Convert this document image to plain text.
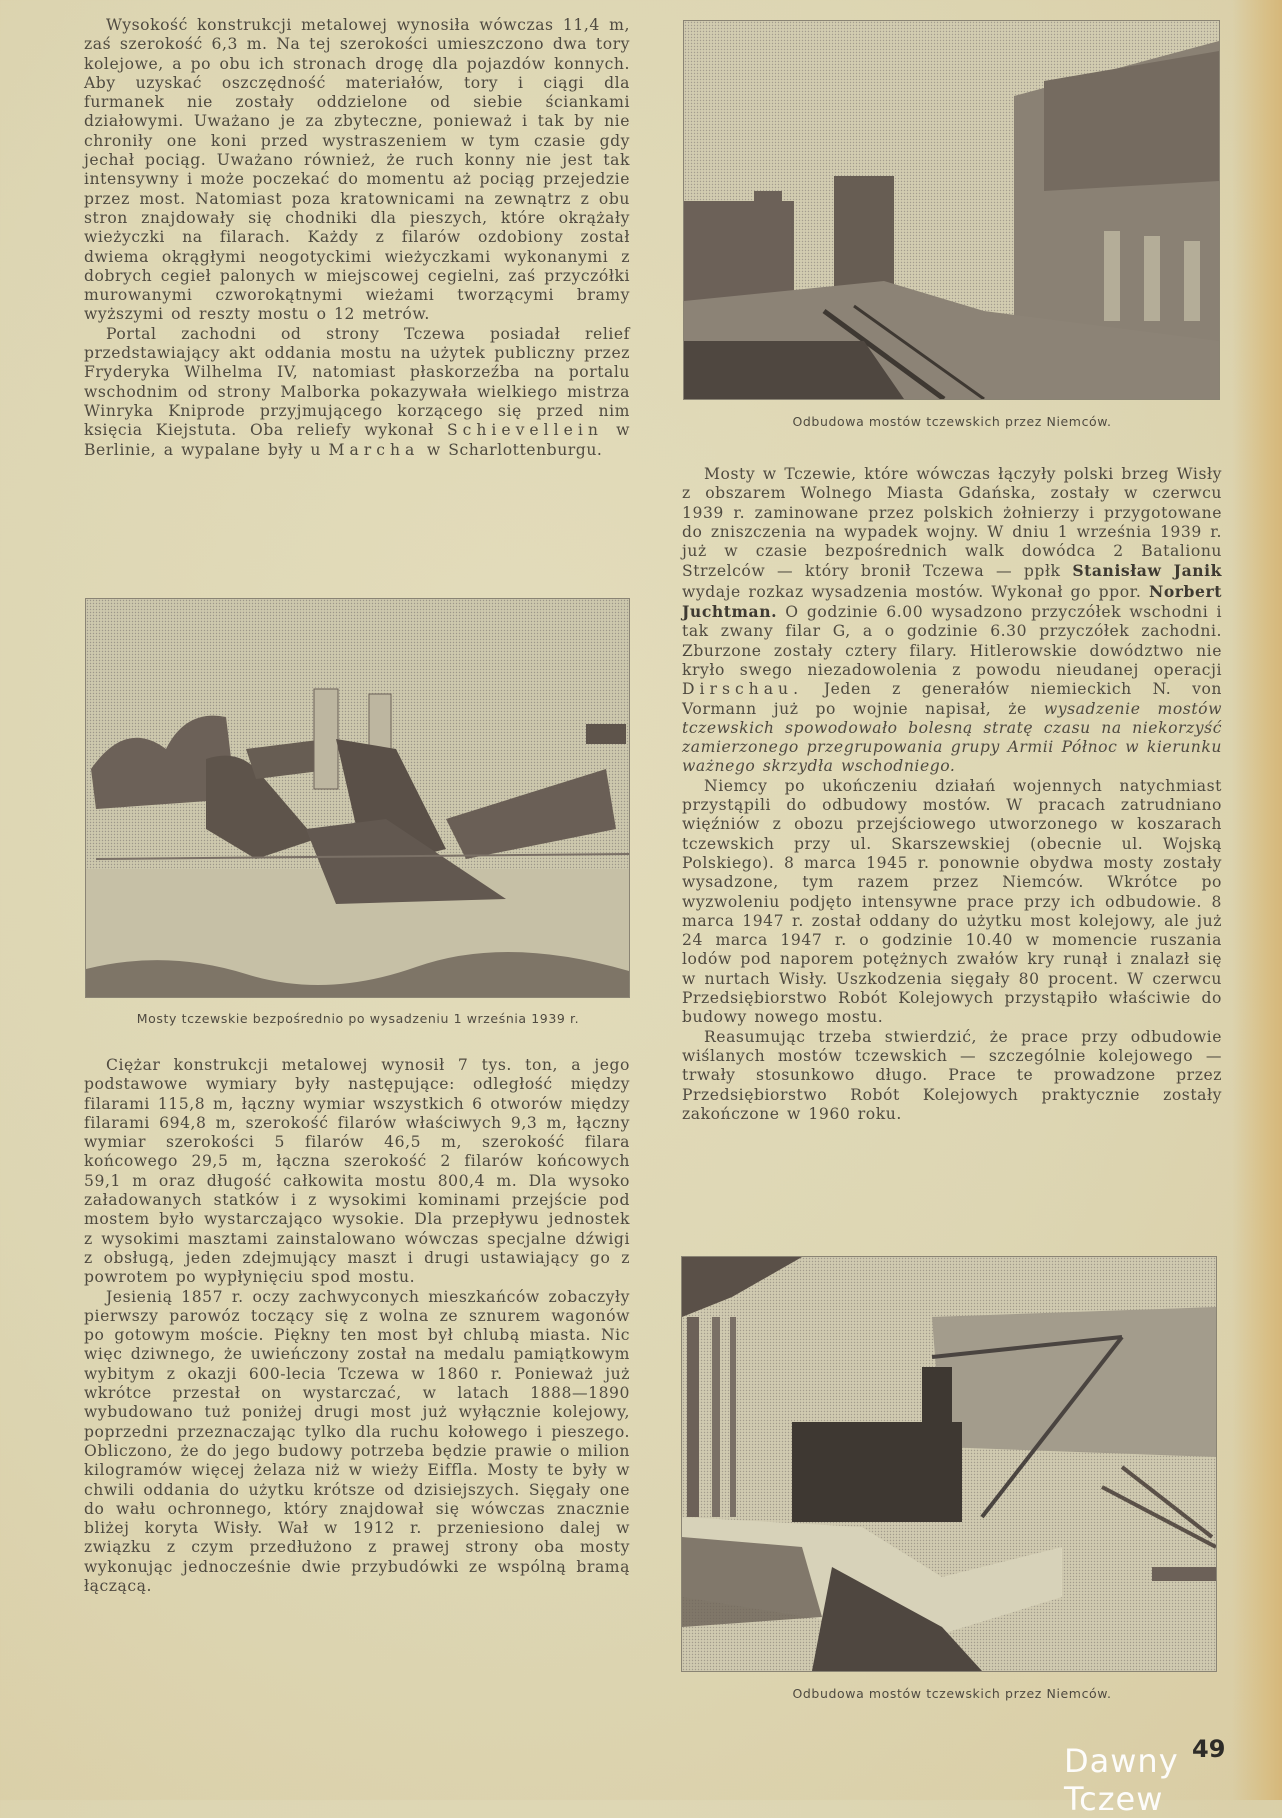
Wysokość konstrukcji metalowej wynosiła wówczas 11,4 m, zaś szerokość 6,3 m. Na tej szerokości umieszczono dwa tory kolejowe, a po obu ich stronach drogę dla pojazdów konnych. Aby uzyskać oszczędność materiałów, tory i ciągi dla furmanek nie zostały oddzielone od siebie ściankami działowymi. Uważano je za zbyteczne, ponieważ i tak by nie chroniły one koni przed wystraszeniem w tym czasie gdy jechał pociąg. Uważano również, że ruch konny nie jest tak intensywny i może poczekać do momentu aż pociąg przejedzie przez most. Natomiast poza kratownicami na zewnątrz z obu stron znajdowały się chodniki dla pieszych, które okrążały wieżyczki na filarach. Każdy z filarów ozdobiony został dwiema okrągłymi neogotyckimi wieżyczkami wykonanymi z dobrych cegieł palonych w miejscowej cegielni, zaś przyczółki murowanymi czworokątnymi wieżami tworzącymi bramy wyższymi od reszty mostu o 12 metrów.

Portal zachodni od strony Tczewa posiadał relief przedstawiający akt oddania mostu na użytek publiczny przez Fryderyka Wilhelma IV, natomiast płaskorzeźba na portalu wschodnim od strony Malborka pokazywała wielkiego mistrza Winryka Kniprode przyjmującego korzącego się przed nim księcia Kiejstuta. Oba reliefy wykonał Schievellein w Berlinie, a wypalane były u Marcha w Scharlottenburgu.

Mosty tczewskie bezpośrednio po wysadzeniu 1 września 1939 r.

Ciężar konstrukcji metalowej wynosił 7 tys. ton, a jego podstawowe wymiary były następujące: odległość między filarami 115,8 m, łączny wymiar wszystkich 6 otworów między filarami 694,8 m, szerokość filarów właściwych 9,3 m, łączny wymiar szerokości 5 filarów 46,5 m, szerokość filara końcowego 29,5 m, łączna szerokość 2 filarów końcowych 59,1 m oraz długość całkowita mostu 800,4 m. Dla wysoko załadowanych statków i z wysokimi kominami przejście pod mostem było wystarczająco wysokie. Dla przepływu jednostek z wysokimi masztami zainstalowano wówczas specjalne dźwigi z obsługą, jeden zdejmujący maszt i drugi ustawiający go z powrotem po wypłynięciu spod mostu.

Jesienią 1857 r. oczy zachwyconych mieszkańców zobaczyły pierwszy parowóz toczący się z wolna ze sznurem wagonów po gotowym moście. Piękny ten most był chlubą miasta. Nic więc dziwnego, że uwieńczony został na medalu pamiątkowym wybitym z okazji 600-lecia Tczewa w 1860 r. Ponieważ już wkrótce przestał on wystarczać, w latach 1888—1890 wybudowano tuż poniżej drugi most już wyłącznie kolejowy, poprzedni przeznaczając tylko dla ruchu kołowego i pieszego. Obliczono, że do jego budowy potrzeba będzie prawie o milion kilogramów więcej żelaza niż w wieży Eiffla. Mosty te były w chwili oddania do użytku krótsze od dzisiejszych. Sięgały one do wału ochronnego, który znajdował się wówczas znacznie bliżej koryta Wisły. Wał w 1912 r. przeniesiono dalej w związku z czym przedłużono z prawej strony oba mosty wykonując jednocześnie dwie przybudówki ze wspólną bramą łączącą.

Odbudowa mostów tczewskich przez Niemców.

Mosty w Tczewie, które wówczas łączyły polski brzeg Wisły z obszarem Wolnego Miasta Gdańska, zostały w czerwcu 1939 r. zaminowane przez polskich żołnierzy i przygotowane do zniszczenia na wypadek wojny. W dniu 1 września 1939 r. już w czasie bezpośrednich walk dowódca 2 Batalionu Strzelców — który bronił Tczewa — ppłk Stanisław Janik wydaje rozkaz wysadzenia mostów. Wykonał go ppor. Norbert Juchtman. O godzinie 6.00 wysadzono przyczółek wschodni i tak zwany filar G, a o godzinie 6.30 przyczółek zachodni. Zburzone zostały cztery filary. Hitlerowskie dowództwo nie kryło swego niezadowolenia z powodu nieudanej operacji Dirschau. Jeden z generałów niemieckich N. von Vormann już po wojnie napisał, że wysadzenie mostów tczewskich spowodowało bolesną stratę czasu na niekorzyść zamierzonego przegrupowania grupy Armii Północ w kierunku ważnego skrzydła wschodniego.

Niemcy po ukończeniu działań wojennych natychmiast przystąpili do odbudowy mostów. W pracach zatrudniano więźniów z obozu przejściowego utworzonego w koszarach tczewskich przy ul. Skarszewskiej (obecnie ul. Wojską Polskiego). 8 marca 1945 r. ponownie obydwa mosty zostały wysadzone, tym razem przez Niemców. Wkrótce po wyzwoleniu podjęto intensywne prace przy ich odbudowie. 8 marca 1947 r. został oddany do użytku most kolejowy, ale już 24 marca 1947 r. o godzinie 10.40 w momencie ruszania lodów pod naporem potężnych zwałów kry runął i znalazł się w nurtach Wisły. Uszkodzenia sięgały 80 procent. W czerwcu Przedsiębiorstwo Robót Kolejowych przystąpiło właściwie do budowy nowego mostu.

Reasumując trzeba stwierdzić, że prace przy odbudowie wiślanych mostów tczewskich — szczególnie kolejowego — trwały stosunkowo długo. Prace te prowadzone przez Przedsiębiorstwo Robót Kolejowych praktycznie zostały zakończone w 1960 roku.

Odbudowa mostów tczewskich przez Niemców.
49
Dawny Tczew
